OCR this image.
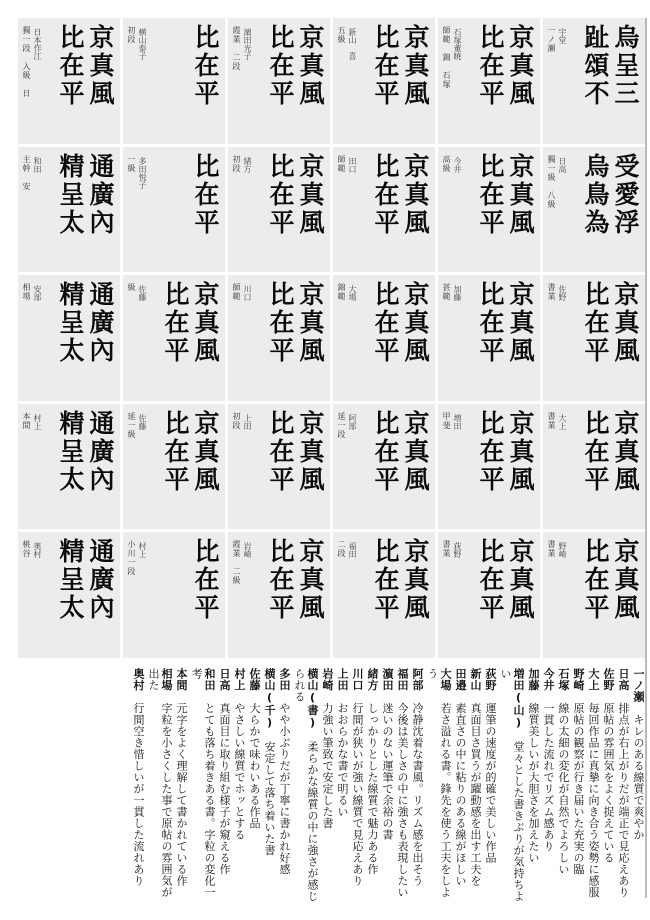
京真風
比在平
獨一段　入級　日 日本作江	比在平
初段 横山泰子	京真風
比在平
霞業　二段 濵田光子	京真風
比在平
五級 新山　喜	京真風
比在平
師範　錦　石塚 石塚董暁	烏呈三
趾頌不
一ノ瀬 宇堂
通廣內
精呈太
主幹　安 和田	比在平
一級 多田悦子	京真風
比在平
初段 緒方	京真風
比在平
師範 田口	京真風
比在平
高級 今井	受愛浮
烏鳥為
獨一級　八級 日高
通廣內
精呈太
相場 安部	京真風
比在平
級 佐藤	京真風
比在平
師範 川口	京真風
比在平
錦範 大場	京真風
比在平
甚範 加藤	京真風
比在平
書業 佐野
通廣內
精呈太
本間 村上	京真風
比在平
延一級 佐藤	京真風
比在平
初段 上田	京真風
比在平
延一段 阿部	京真風
比在平
甲斐 増田	京真風
比在平
書業 大上
通廣內
精呈太
桃谷 奥村	比在平
小川一段 村上	京真風
比在平
霞業　二級 岩崎	京真風
比在平
二段 福田	京真風
比在平
書業 荻野	京真風
比在平
書業 野崎
一ノ瀬　キレのある線質で爽やか
日高　排点が右上がりだが端正で見応えあり
佐野　原帖の雰囲気をよく捉えている
大上　毎回作品に真摯に向き合う姿勢に感服
野崎　原帖の観察が行き届いた充実の臨
石塚　線の太細の変化が自然でよろしい
今井　一貫した流れでリズム感あり
加藤　線質美しいが大胆さを加えたい
増田(山)　堂々とした書きぶりが気持ちよい
荻野　運筆の速度が的確で美しい作品
新山　真面目さ買うが躍動感を出す工夫を
田邉　素直さの中に粘りのある線がほしい
大場　若さ溢れる書。鋒先を使う工夫をしよう
阿部　冷静沈着な書風。リズム感を出そう
福田　今後は美しさの中に強さも表現したい
濵田　迷いのない運筆で余裕の書
緒方　しっかりとした線質で魅力ある作
川口　行間が狭いが強い線質で見応えあり
上田　おおらかな書で明るい
岩崎　力強い筆致で安定した書
横山(書)　柔らかな線質の中に強さが感じられる
多田　やや小ぶりだが丁寧に書かれ好感
横山(千)　安定して落ち着いた書
佐藤　大らかで味わいある作品
村上　やさしい線質でホッとする
日高　真面目に取り組む様子が窺える作
和田　とても落ち着きある書。字粒の変化一考
本間　元字をよく理解して書かれている作
相場　字粒を小さくした事で原帖の雰囲気が出た
奥村　行間空き惜しいが一貫した流れあり
